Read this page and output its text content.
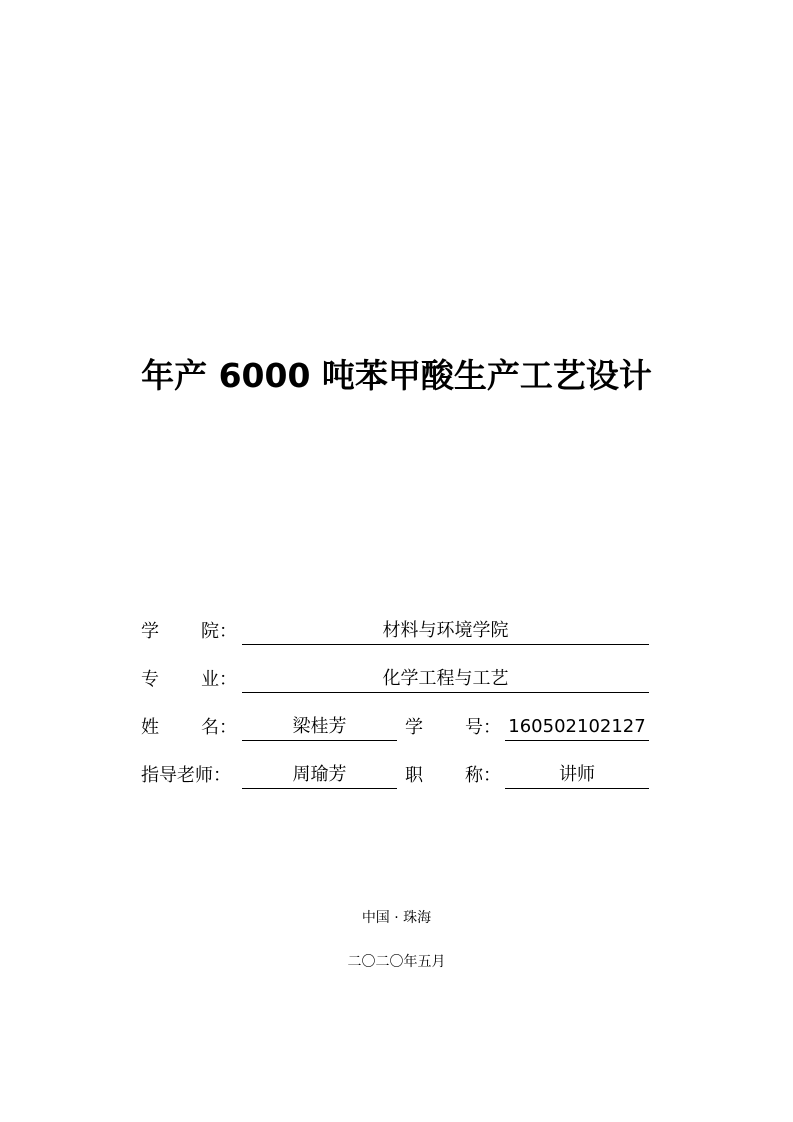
年产 6000 吨苯甲酸生产工艺设计
学 院：	材料与环境学院
专 业：	化学工程与工艺
姓 名：	梁桂芳	学 号： 160502102127
指导老师：	周瑜芳	职 称：	讲师
中国 · 珠海
二〇二〇年五月
